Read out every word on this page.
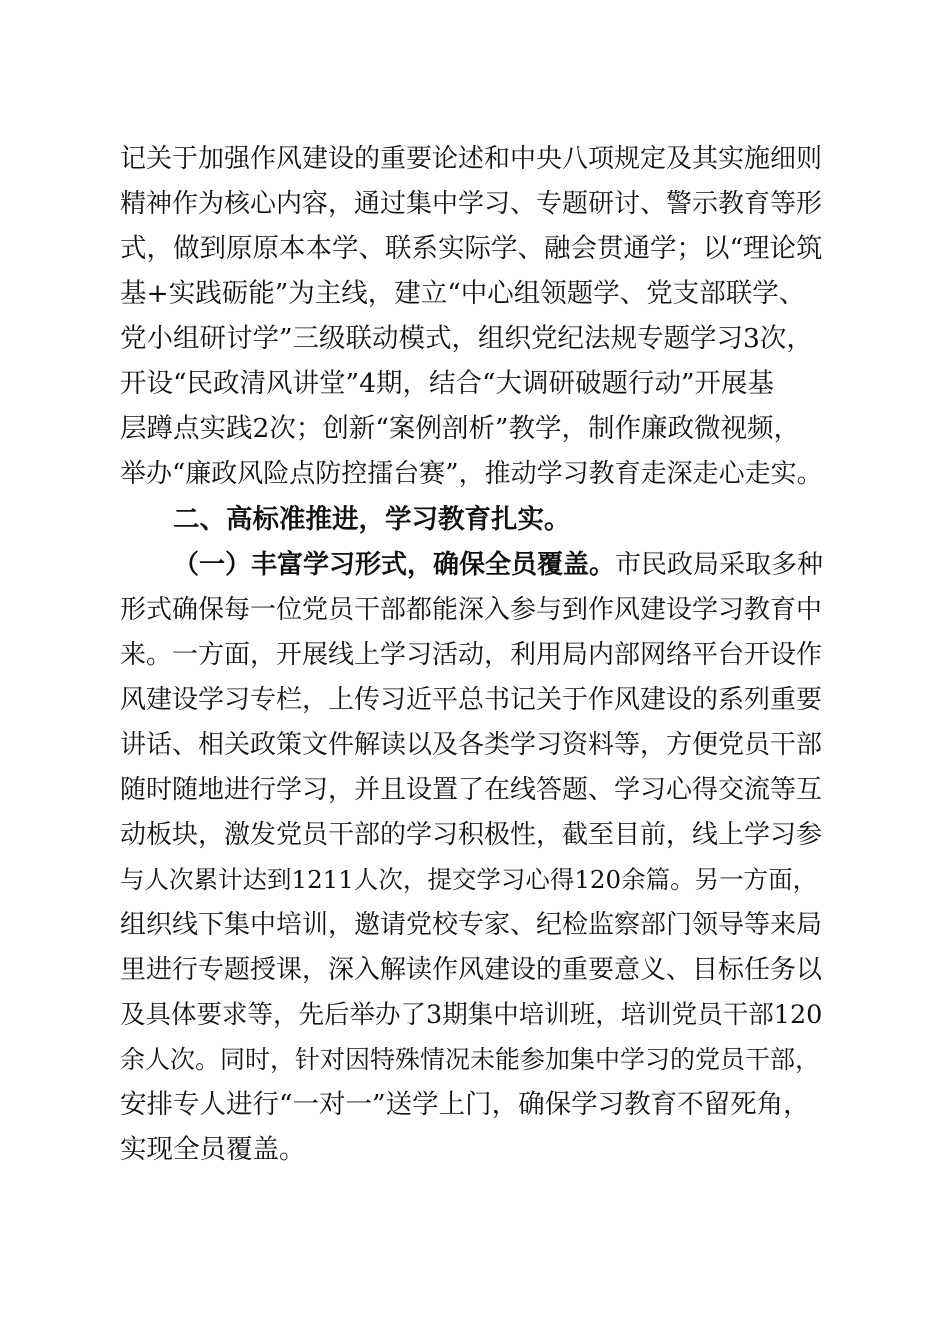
记关于加强作风建设的重要论述和中央八项规定及其实施细则
精神作为核心内容，通过集中学习、专题研讨、警示教育等形
式，做到原原本本学、联系实际学、融会贯通学；以“理论筑
基+实践砺能”为主线，建立“中心组领题学、党支部联学、
党小组研讨学”三级联动模式，组织党纪法规专题学习3次，
开设“民政清风讲堂”4期，结合“大调研破题行动”开展基
层蹲点实践2次；创新“案例剖析”教学，制作廉政微视频，
举办“廉政风险点防控擂台赛”，推动学习教育走深走心走实。
二、高标准推进，学习教育扎实。
（一）丰富学习形式，确保全员覆盖。市民政局采取多种
形式确保每一位党员干部都能深入参与到作风建设学习教育中
来。一方面，开展线上学习活动，利用局内部网络平台开设作
风建设学习专栏，上传习近平总书记关于作风建设的系列重要
讲话、相关政策文件解读以及各类学习资料等，方便党员干部
随时随地进行学习，并且设置了在线答题、学习心得交流等互
动板块，激发党员干部的学习积极性，截至目前，线上学习参
与人次累计达到1211人次，提交学习心得120余篇。另一方面，
组织线下集中培训，邀请党校专家、纪检监察部门领导等来局
里进行专题授课，深入解读作风建设的重要意义、目标任务以
及具体要求等，先后举办了3期集中培训班，培训党员干部120
余人次。同时，针对因特殊情况未能参加集中学习的党员干部，
安排专人进行“一对一”送学上门，确保学习教育不留死角，
实现全员覆盖。
